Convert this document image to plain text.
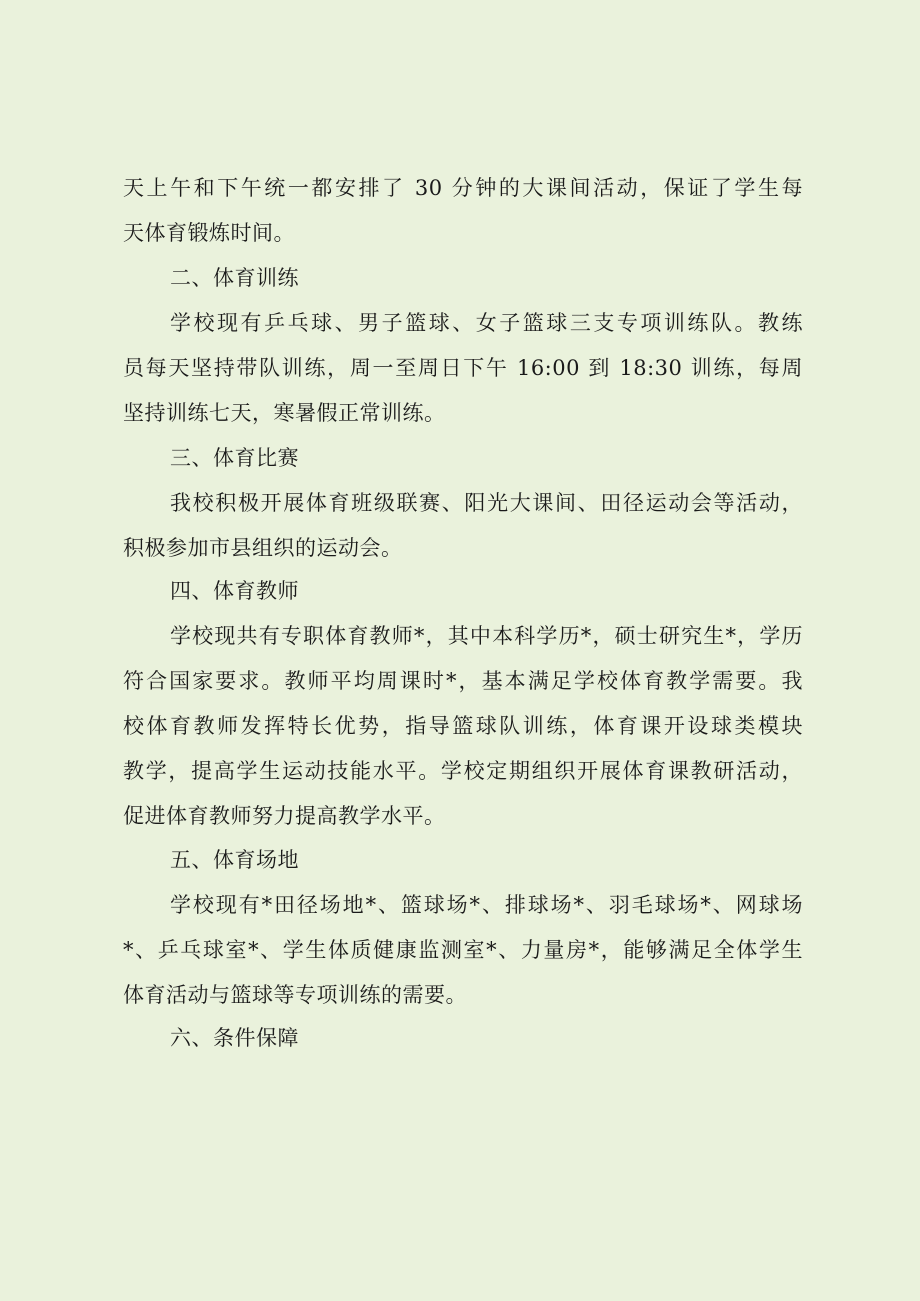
天上午和下午统一都安排了 30 分钟的大课间活动，保证了学生每
天体育锻炼时间。
二、体育训练
学校现有乒乓球、男子篮球、女子篮球三支专项训练队。教练
员每天坚持带队训练，周一至周日下午 16:00 到 18:30 训练，每周
坚持训练七天，寒暑假正常训练。
三、体育比赛
我校积极开展体育班级联赛、阳光大课间、田径运动会等活动，
积极参加市县组织的运动会。
四、体育教师
学校现共有专职体育教师*，其中本科学历*，硕士研究生*，学历
符合国家要求。教师平均周课时*，基本满足学校体育教学需要。我
校体育教师发挥特长优势，指导篮球队训练，体育课开设球类模块
教学，提高学生运动技能水平。学校定期组织开展体育课教研活动，
促进体育教师努力提高教学水平。
五、体育场地
学校现有*田径场地*、篮球场*、排球场*、羽毛球场*、网球场
*、乒乓球室*、学生体质健康监测室*、力量房*，能够满足全体学生
体育活动与篮球等专项训练的需要。
六、条件保障
